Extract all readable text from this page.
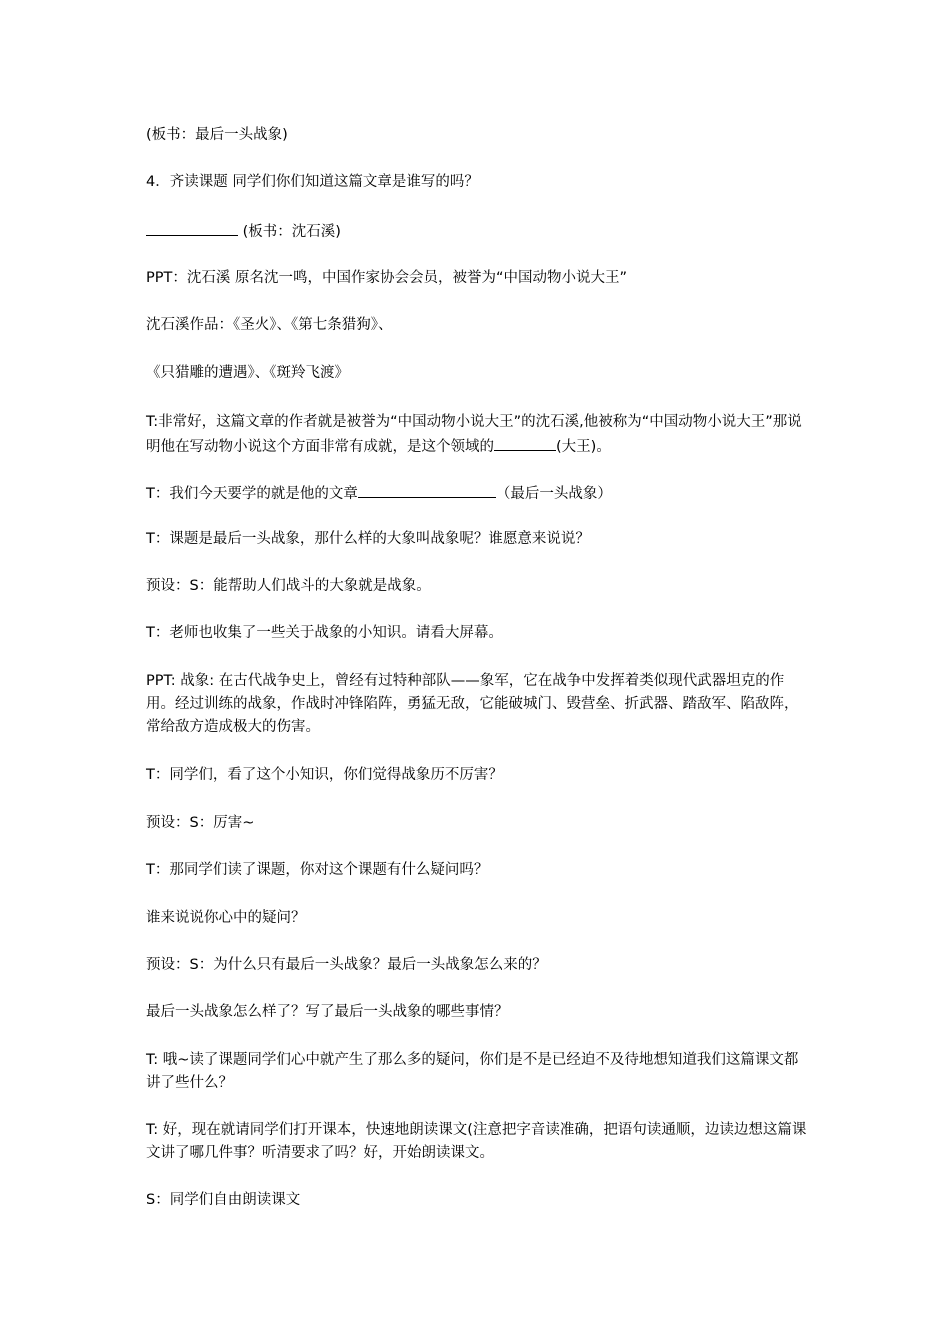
(板书：最后一头战象)

4．齐读课题 同学们你们知道这篇文章是谁写的吗？

(板书：沈石溪)

PPT：沈石溪 原名沈一鸣，中国作家协会会员，被誉为“中国动物小说大王”

沈石溪作品：《圣火》、《第七条猎狗》、

《只猎雕的遭遇》、《斑羚飞渡》

T:非常好，这篇文章的作者就是被誉为“中国动物小说大王”的沈石溪,他被称为“中国动物小说大王”那说明他在写动物小说这个方面非常有成就，是这个领域的	(大王)。

T：我们今天要学的就是他的文章	（最后一头战象）

T：课题是最后一头战象，那什么样的大象叫战象呢？谁愿意来说说？

预设：S：能帮助人们战斗的大象就是战象。

T：老师也收集了一些关于战象的小知识。请看大屏幕。

PPT: 战象: 在古代战争史上，曾经有过特种部队——象军，它在战争中发挥着类似现代武器坦克的作用。经过训练的战象，作战时冲锋陷阵，勇猛无敌，它能破城门、毁营垒、折武器、踏敌军、陷敌阵，常给敌方造成极大的伤害。

T：同学们，看了这个小知识，你们觉得战象历不厉害？

预设：S：厉害~

T：那同学们读了课题，你对这个课题有什么疑问吗？

谁来说说你心中的疑问？

预设：S：为什么只有最后一头战象？最后一头战象怎么来的？

最后一头战象怎么样了？写了最后一头战象的哪些事情？

T: 哦~读了课题同学们心中就产生了那么多的疑问，你们是不是已经迫不及待地想知道我们这篇课文都讲了些什么？

T: 好，现在就请同学们打开课本，快速地朗读课文(注意把字音读准确，把语句读通顺，边读边想这篇课文讲了哪几件事？听清要求了吗？好，开始朗读课文。

S：同学们自由朗读课文
